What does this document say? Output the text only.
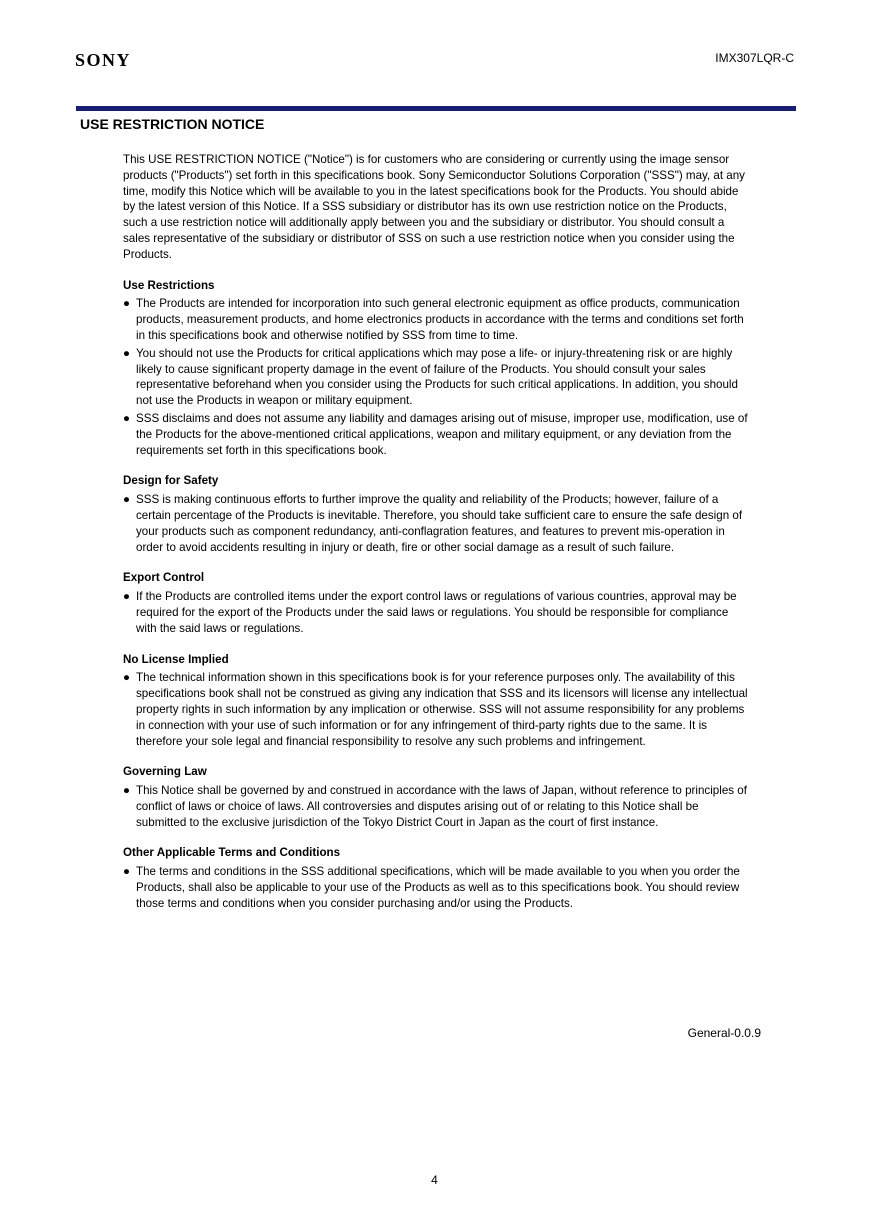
SONY	IMX307LQR-C
USE RESTRICTION NOTICE

This USE RESTRICTION NOTICE ("Notice") is for customers who are considering or currently using the image sensor products ("Products") set forth in this specifications book. Sony Semiconductor Solutions Corporation ("SSS") may, at any time, modify this Notice which will be available to you in the latest specifications book for the Products. You should abide by the latest version of this Notice. If a SSS subsidiary or distributor has its own use restriction notice on the Products, such a use restriction notice will additionally apply between you and the subsidiary or distributor. You should consult a sales representative of the subsidiary or distributor of SSS on such a use restriction notice when you consider using the Products.

Use Restrictions
● The Products are intended for incorporation into such general electronic equipment as office products, communication products, measurement products, and home electronics products in accordance with the terms and conditions set forth in this specifications book and otherwise notified by SSS from time to time.
● You should not use the Products for critical applications which may pose a life- or injury-threatening risk or are highly likely to cause significant property damage in the event of failure of the Products. You should consult your sales representative beforehand when you consider using the Products for such critical applications. In addition, you should not use the Products in weapon or military equipment.
● SSS disclaims and does not assume any liability and damages arising out of misuse, improper use, modification, use of the Products for the above-mentioned critical applications, weapon and military equipment, or any deviation from the requirements set forth in this specifications book.
Design for Safety
● SSS is making continuous efforts to further improve the quality and reliability of the Products; however, failure of a certain percentage of the Products is inevitable. Therefore, you should take sufficient care to ensure the safe design of your products such as component redundancy, anti-conflagration features, and features to prevent mis-operation in order to avoid accidents resulting in injury or death, fire or other social damage as a result of such failure.
Export Control
● If the Products are controlled items under the export control laws or regulations of various countries, approval may be required for the export of the Products under the said laws or regulations. You should be responsible for compliance with the said laws or regulations.
No License Implied
● The technical information shown in this specifications book is for your reference purposes only. The availability of this specifications book shall not be construed as giving any indication that SSS and its licensors will license any intellectual property rights in such information by any implication or otherwise. SSS will not assume responsibility for any problems in connection with your use of such information or for any infringement of third-party rights due to the same. It is therefore your sole legal and financial responsibility to resolve any such problems and infringement.
Governing Law
● This Notice shall be governed by and construed in accordance with the laws of Japan, without reference to principles of conflict of laws or choice of laws. All controversies and disputes arising out of or relating to this Notice shall be submitted to the exclusive jurisdiction of the Tokyo District Court in Japan as the court of first instance.
Other Applicable Terms and Conditions
● The terms and conditions in the SSS additional specifications, which will be made available to you when you order the Products, shall also be applicable to your use of the Products as well as to this specifications book. You should review those terms and conditions when you consider purchasing and/or using the Products.
General-0.0.9
4
